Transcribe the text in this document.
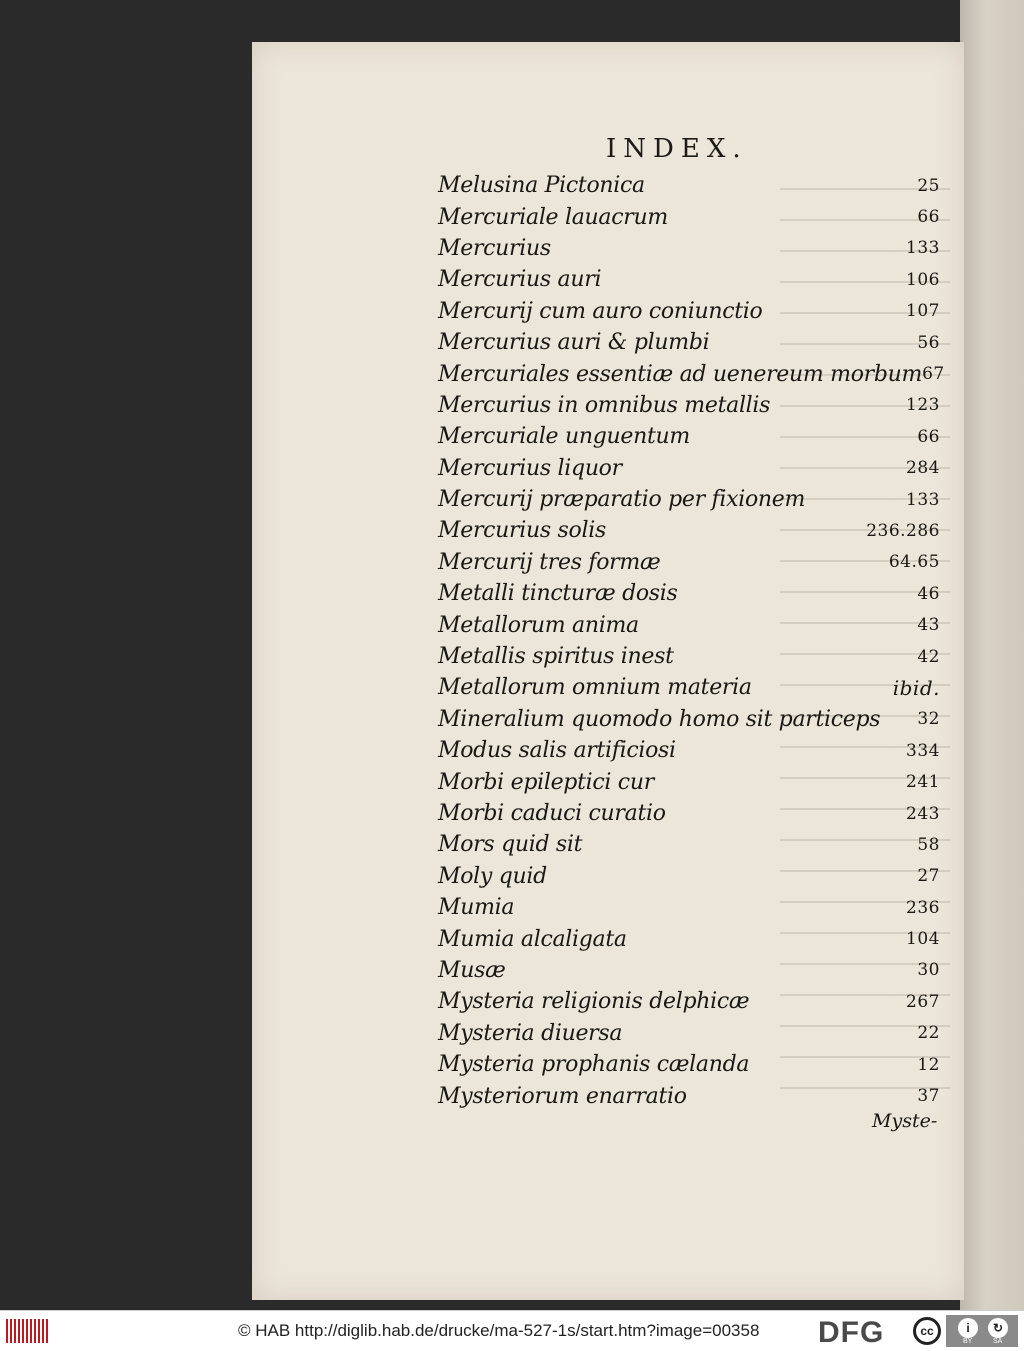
INDEX.
Melusina Pictonica	25
Mercuriale lauacrum	66
Mercurius	133
Mercurius auri	106
Mercurij cum auro coniunctio	107
Mercurius auri & plumbi	56
Mercuriales essentiæ ad uenereum morbum 67
Mercurius in omnibus metallis	123
Mercuriale unguentum	66
Mercurius liquor	284
Mercurij præparatio per fixionem	133
Mercurius solis	236.286
Mercurij tres formæ	64.65
Metalli tincturæ dosis	46
Metallorum anima	43
Metallis spiritus inest	42
Metallorum omnium materia	ibid.
Mineralium quomodo homo sit particeps 32
Modus salis artificiosi	334
Morbi epileptici cur	241
Morbi caduci curatio	243
Mors quid sit	58
Moly quid	27
Mumia	236
Mumia alcaligata	104
Musæ	30
Mysteria religionis delphicæ	267
Mysteria diuersa	22
Mysteria prophanis cælanda	12
Mysteriorum enarratio	37
Myste-
© HAB http://diglib.hab.de/drucke/ma-527-1s/start.htm?image=00358 DFG	cc	i
BY
↻
SA
